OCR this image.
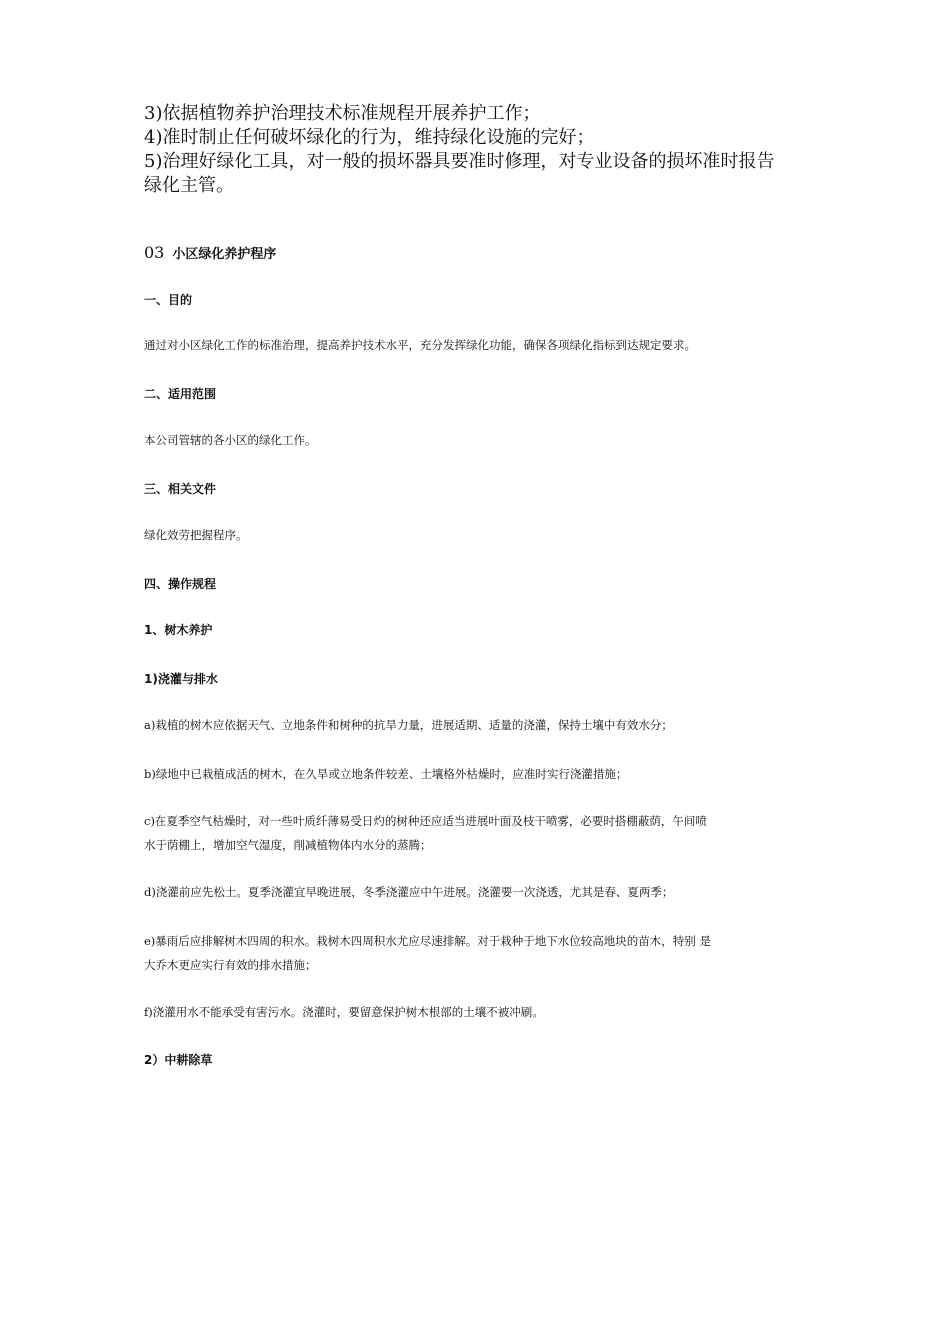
3)依据植物养护治理技术标准规程开展养护工作；

4)准时制止任何破坏绿化的行为，维持绿化设施的完好；

5)治理好绿化工具，对一般的损坏器具要准时修理，对专业设备的损坏准时报告

绿化主管。

03 小区绿化养护程序

一、目的

通过对小区绿化工作的标准治理，提高养护技术水平，充分发挥绿化功能，确保各项绿化指标到达规定要求。

二、适用范围

本公司管辖的各小区的绿化工作。

三、相关文件

绿化效劳把握程序。

四、操作规程

1、树木养护

1)浇灌与排水

a)栽植的树木应依据天气、立地条件和树种的抗旱力量，进展适期、适量的浇灌，保持土壤中有效水分；

b)绿地中已栽植成活的树木，在久旱或立地条件较差、土壤格外枯燥时，应准时实行浇灌措施；

c)在夏季空气枯燥时，对一些叶质纤薄易受日灼的树种还应适当进展叶面及枝干喷雾，必要时搭棚蔽荫，午间喷

水于荫棚上，增加空气湿度，削减植物体内水分的蒸腾；

d)浇灌前应先松土。夏季浇灌宜早晚进展，冬季浇灌应中午进展。浇灌要一次浇透，尤其是春、夏两季；

e)暴雨后应排解树木四周的积水。栽树木四周积水尤应尽速排解。对于栽种于地下水位较高地块的苗木，特别 是

大乔木更应实行有效的排水措施；

f)浇灌用水不能承受有害污水。浇灌时，要留意保护树木根部的土壤不被冲刷。

2）中耕除草
